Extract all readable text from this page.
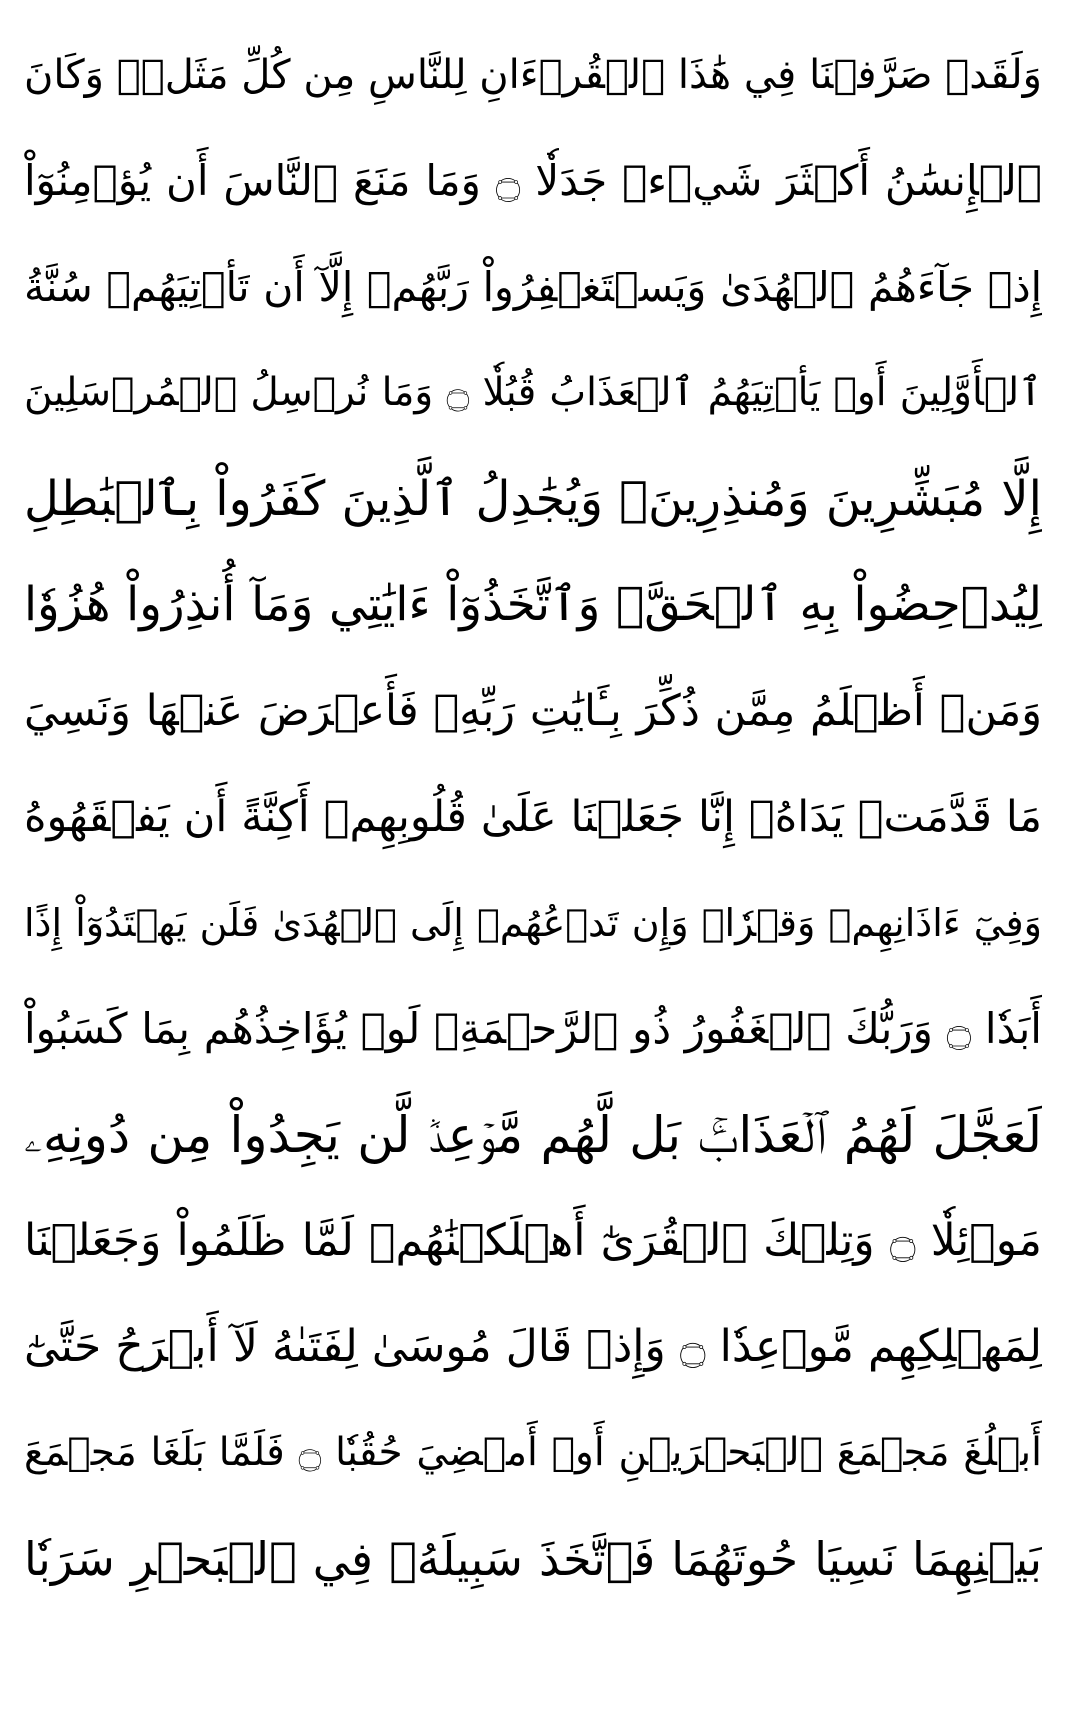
وَلَقَدۡ صَرَّفۡنَا فِي هَٰذَا ٱلۡقُرۡءَانِ لِلنَّاسِ مِن كُلِّ مَثَلٖۚ وَكَانَ
ٱلۡإِنسَٰنُ أَكۡثَرَ شَيۡءٖ جَدَلٗا ۝ وَمَا مَنَعَ ٱلنَّاسَ أَن يُؤۡمِنُوٓاْ
إِذۡ جَآءَهُمُ ٱلۡهُدَىٰ وَيَسۡتَغۡفِرُواْ رَبَّهُمۡ إِلَّآ أَن تَأۡتِيَهُمۡ سُنَّةُ
ٱلۡأَوَّلِينَ أَوۡ يَأۡتِيَهُمُ ٱلۡعَذَابُ قُبُلٗا ۝ وَمَا نُرۡسِلُ ٱلۡمُرۡسَلِينَ
إِلَّا مُبَشِّرِينَ وَمُنذِرِينَۚ وَيُجَٰدِلُ ٱلَّذِينَ كَفَرُواْ بِٱلۡبَٰطِلِ
لِيُدۡحِضُواْ بِهِ ٱلۡحَقَّۖ وَٱتَّخَذُوٓاْ ءَايَٰتِي وَمَآ أُنذِرُواْ هُزُوٗا
وَمَنۡ أَظۡلَمُ مِمَّن ذُكِّرَ بِـَٔايَٰتِ رَبِّهِۦ فَأَعۡرَضَ عَنۡهَا وَنَسِيَ
مَا قَدَّمَتۡ يَدَاهُۚ إِنَّا جَعَلۡنَا عَلَىٰ قُلُوبِهِمۡ أَكِنَّةً أَن يَفۡقَهُوهُ
وَفِيٓ ءَاذَانِهِمۡ وَقۡرٗاۖ وَإِن تَدۡعُهُمۡ إِلَى ٱلۡهُدَىٰ فَلَن يَهۡتَدُوٓاْ إِذًا
أَبَدٗا ۝ وَرَبُّكَ ٱلۡغَفُورُ ذُو ٱلرَّحۡمَةِۖ لَوۡ يُؤَاخِذُهُم بِمَا كَسَبُواْ
لَعَجَّلَ لَهُمُ ٱلۡعَذَابَۚ بَل لَّهُم مَّوۡعِدٞ لَّن يَجِدُواْ مِن دُونِهِۦ
مَوۡئِلٗا ۝ وَتِلۡكَ ٱلۡقُرَىٰٓ أَهۡلَكۡنَٰهُمۡ لَمَّا ظَلَمُواْ وَجَعَلۡنَا
لِمَهۡلِكِهِم مَّوۡعِدٗا ۝ وَإِذۡ قَالَ مُوسَىٰ لِفَتَىٰهُ لَآ أَبۡرَحُ حَتَّىٰٓ
أَبۡلُغَ مَجۡمَعَ ٱلۡبَحۡرَيۡنِ أَوۡ أَمۡضِيَ حُقُبٗا ۝ فَلَمَّا بَلَغَا مَجۡمَعَ
بَيۡنِهِمَا نَسِيَا حُوتَهُمَا فَٱتَّخَذَ سَبِيلَهُۥ فِي ٱلۡبَحۡرِ سَرَبٗا
